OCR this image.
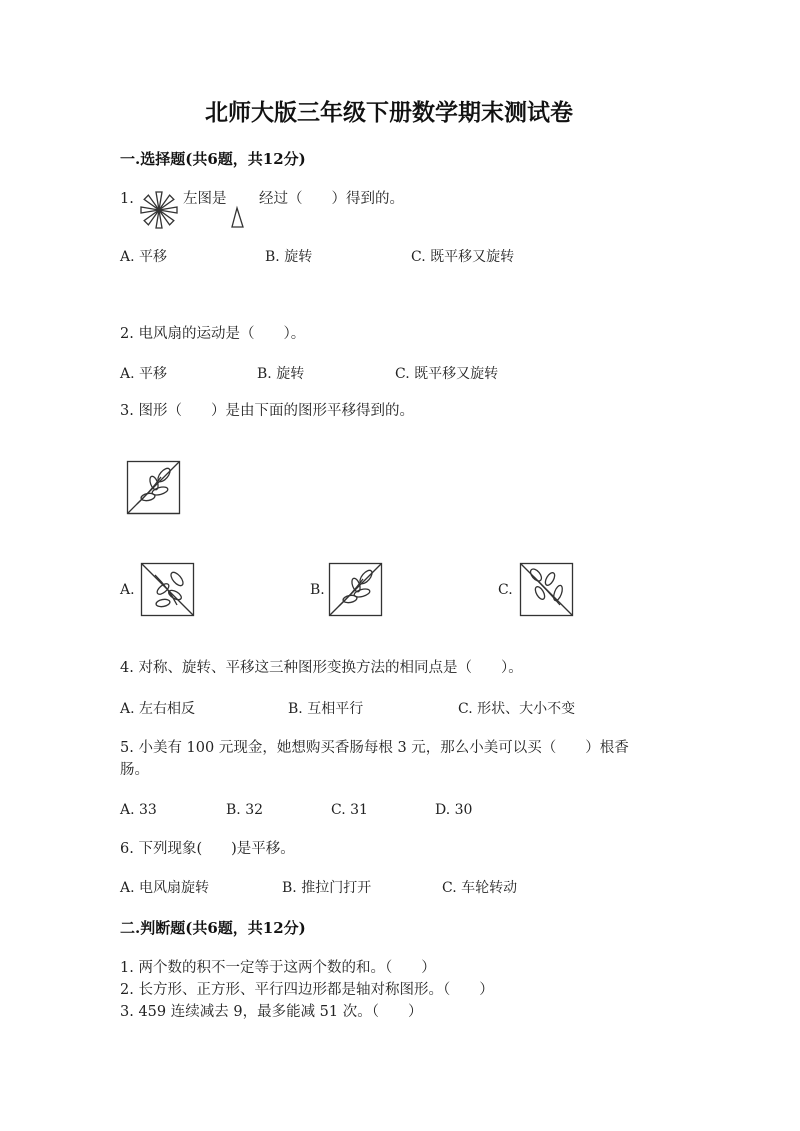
北师大版三年级下册数学期末测试卷
一.选择题(共6题，共12分)
1.	左图是 经过（　　）得到的。
A. 平移	B. 旋转	C. 既平移又旋转
2. 电风扇的运动是（　　）。
A. 平移	B. 旋转	C. 既平移又旋转
3. 图形（　　）是由下面的图形平移得到的。
A.	B.	C.
4. 对称、旋转、平移这三种图形变换方法的相同点是（　　）。
A. 左右相反	B. 互相平行	C. 形状、大小不变
5. 小美有 100 元现金，她想购买香肠每根 3 元，那么小美可以买（　　）根香
肠。
A. 33	B. 32	C. 31	D. 30
6. 下列现象(　　)是平移。
A. 电风扇旋转	B. 推拉门打开	C. 车轮转动
二.判断题(共6题，共12分)
1. 两个数的积不一定等于这两个数的和。（　　）
2. 长方形、正方形、平行四边形都是轴对称图形。（　　）
3. 459 连续减去 9，最多能减 51 次。（　　）
